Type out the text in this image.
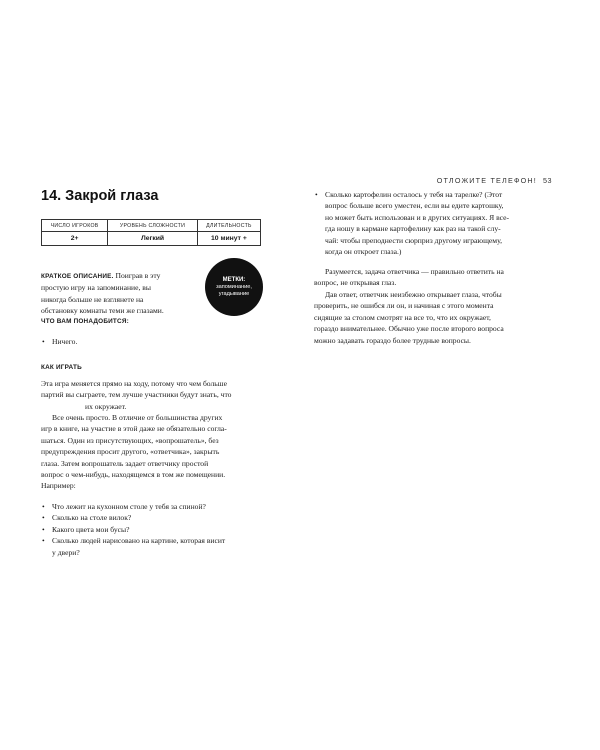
ОТЛОЖИТЕ ТЕЛЕФОН! 53
14. Закрой глаза
ЧИСЛО ИГРОКОВ	УРОВЕНЬ СЛОЖНОСТИ	ДЛИТЕЛЬНОСТЬ
2+	Легкий	10 минут +
КРАТКОЕ ОПИСАНИЕ. Поиграв в эту
простую игру на запоминание, вы
никогда больше не взглянете на
обстановку комнаты теми же глазами.
МЕТКИ:
запоминание,
угадывание
ЧТО ВАМ ПОНАДОБИТСЯ:
• Ничего.
КАК ИГРАТЬ
Эта игра меняется прямо на ходу, потому что чем больше
партий вы сыграете, тем лучше участники будут знать, что
их окружает.
Все очень просто. В отличие от большинства других
игр в книге, на участие в этой даже не обязательно согла-
шаться. Один из присутствующих, «вопрошатель», без
предупреждения просит другого, «ответчика», закрыть
глаза. Затем вопрошатель задает ответчику простой
вопрос о чем-нибудь, находящемся в том же помещении.
Например:
• Что лежит на кухонном столе у тебя за спиной?
• Сколько на столе вилок?
• Какого цвета мои бусы?
• Сколько людей нарисовано на картине, которая висит
у двери?
• Сколько картофелин осталось у тебя на тарелке? (Этот
вопрос больше всего уместен, если вы едите картошку,
но может быть использован и в других ситуациях. Я все-
гда ношу в кармане картофелину как раз на такой слу-
чай: чтобы преподнести сюрприз другому играющему,
когда он откроет глаза.)
Разумеется, задача ответчика — правильно ответить на
вопрос, не открывая глаз.
Дав ответ, ответчик неизбежно открывает глаза, чтобы
проверить, не ошибся ли он, и начиная с этого момента
сидящие за столом смотрят на все то, что их окружает,
гораздо внимательнее. Обычно уже после второго вопроса
можно задавать гораздо более трудные вопросы.
